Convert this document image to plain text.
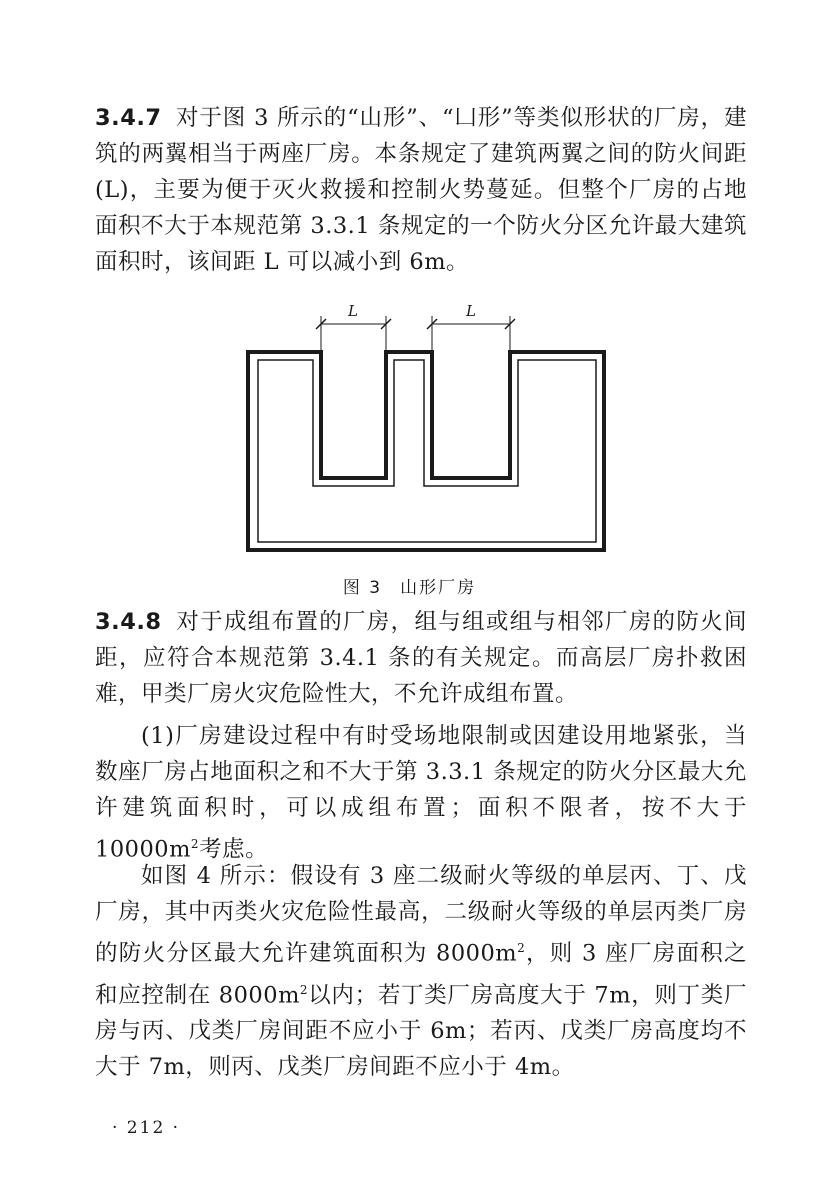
3.4.7 对于图 3 所示的“山形”、“凵形”等类似形状的厂房，建筑的两翼相当于两座厂房。本条规定了建筑两翼之间的防火间距(L)，主要为便于灭火救援和控制火势蔓延。但整个厂房的占地面积不大于本规范第 3.3.1 条规定的一个防火分区允许最大建筑面积时，该间距 L 可以减小到 6m。

L	L
图 3 山形厂房

3.4.8 对于成组布置的厂房，组与组或组与相邻厂房的防火间距，应符合本规范第 3.4.1 条的有关规定。而高层厂房扑救困难，甲类厂房火灾危险性大，不允许成组布置。

(1)厂房建设过程中有时受场地限制或因建设用地紧张，当数座厂房占地面积之和不大于第 3.3.1 条规定的防火分区最大允许建筑面积时，可以成组布置；面积不限者，按不大于 $10000m^2$考虑。

如图 4 所示：假设有 3 座二级耐火等级的单层丙、丁、戊厂房，其中丙类火灾危险性最高，二级耐火等级的单层丙类厂房的防火分区最大允许建筑面积为 $8000m^2$，则 3 座厂房面积之和应控制在 $8000m^2$以内；若丁类厂房高度大于 7m，则丁类厂房与丙、戊类厂房间距不应小于 6m；若丙、戊类厂房高度均不大于 7m，则丙、戊类厂房间距不应小于 4m。

· 212 ·
